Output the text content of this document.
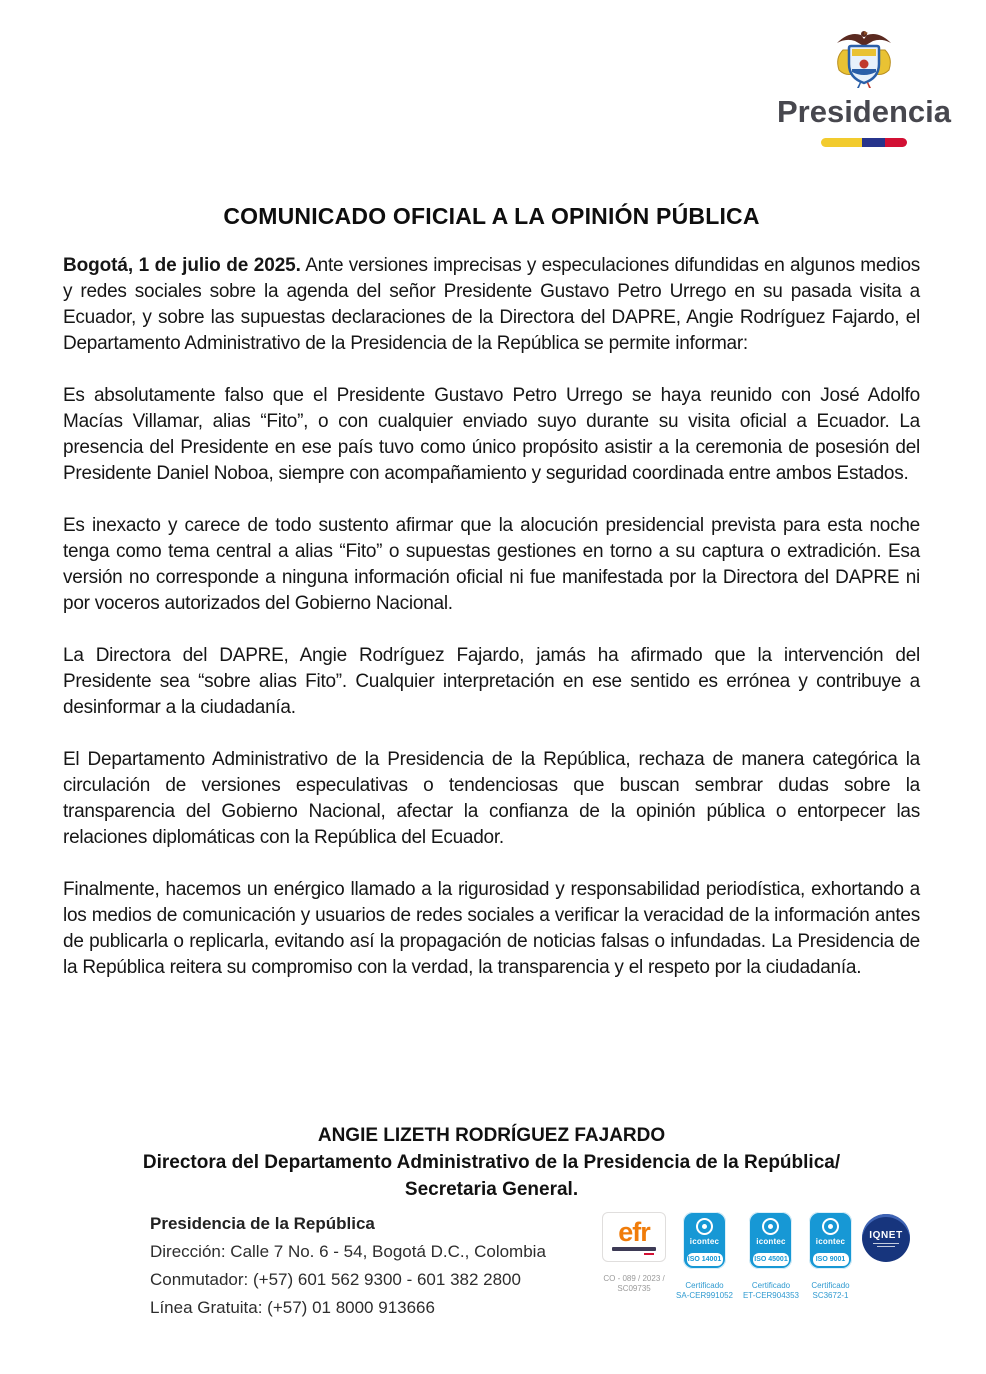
Presidencia
COMUNICADO OFICIAL A LA OPINIÓN PÚBLICA

Bogotá, 1 de julio de 2025. Ante versiones imprecisas y especulaciones difundidas en algunos medios y redes sociales sobre la agenda del señor Presidente Gustavo Petro Urrego en su pasada visita a Ecuador, y sobre las supuestas declaraciones de la Directora del DAPRE, Angie Rodríguez Fajardo, el Departamento Administrativo de la Presidencia de la República se permite informar:

Es absolutamente falso que el Presidente Gustavo Petro Urrego se haya reunido con José Adolfo Macías Villamar, alias “Fito”, o con cualquier enviado suyo durante su visita oficial a Ecuador. La presencia del Presidente en ese país tuvo como único propósito asistir a la ceremonia de posesión del Presidente Daniel Noboa, siempre con acompañamiento y seguridad coordinada entre ambos Estados.

Es inexacto y carece de todo sustento afirmar que la alocución presidencial prevista para esta noche tenga como tema central a alias “Fito” o supuestas gestiones en torno a su captura o extradición. Esa versión no corresponde a ninguna información oficial ni fue manifestada por la Directora del DAPRE ni por voceros autorizados del Gobierno Nacional.

La Directora del DAPRE, Angie Rodríguez Fajardo, jamás ha afirmado que la intervención del Presidente sea “sobre alias Fito”. Cualquier interpretación en ese sentido es errónea y contribuye a desinformar a la ciudadanía.

El Departamento Administrativo de la Presidencia de la República, rechaza de manera categórica la circulación de versiones especulativas o tendenciosas que buscan sembrar dudas sobre la transparencia del Gobierno Nacional, afectar la confianza de la opinión pública o entorpecer las relaciones diplomáticas con la República del Ecuador.

Finalmente, hacemos un enérgico llamado a la rigurosidad y responsabilidad periodística, exhortando a los medios de comunicación y usuarios de redes sociales a verificar la veracidad de la información antes de publicarla o replicarla, evitando así la propagación de noticias falsas o infundadas. La Presidencia de la República reitera su compromiso con la verdad, la transparencia y el respeto por la ciudadanía.

ANGIE LIZETH RODRÍGUEZ FAJARDO
Directora del Departamento Administrativo de la Presidencia de la República/
Secretaria General.
Presidencia de la República
Dirección: Calle 7 No. 6 - 54, Bogotá D.C., Colombia
Conmutador: (+57) 601 562 9300 - 601 382 2800
Línea Gratuita: (+57) 01 8000 913666
efr
CO - 089 / 2023 /
SC09735
icontec
ISO 14001
Certificado
SA-CER991052
icontec
ISO 45001
Certificado
ET-CER904353
icontec
ISO 9001
Certificado
SC3672-1
IQNET
